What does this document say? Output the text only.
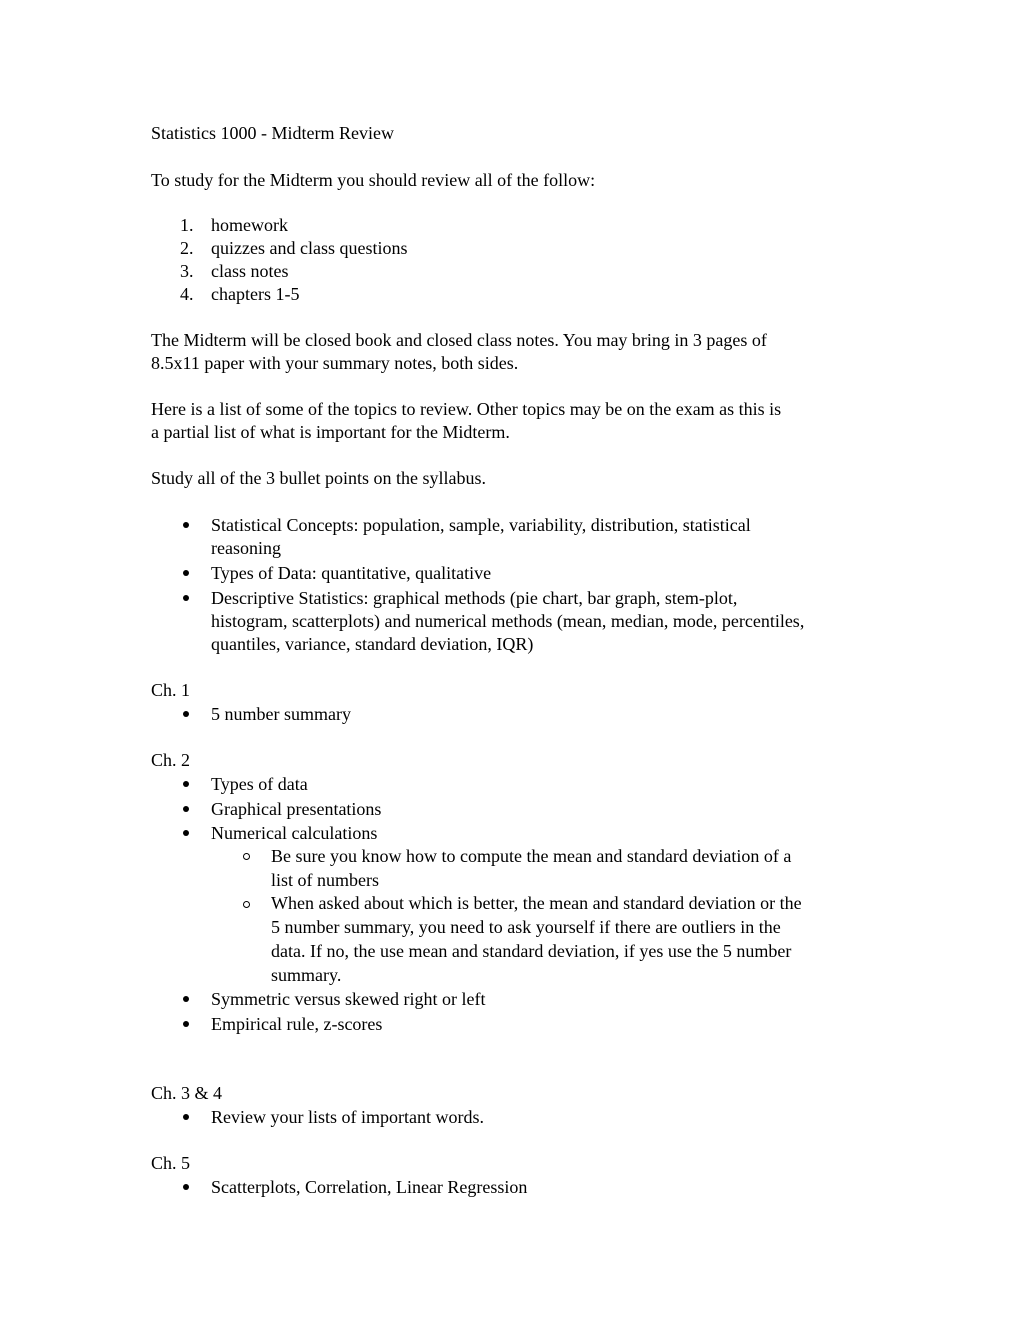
Statistics 1000 - Midterm Review
To study for the Midterm you should review all of the follow:
1. homework
2. quizzes and class questions
3. class notes
4. chapters 1-5
The Midterm will be closed book and closed class notes. You may bring in 3 pages of
8.5x11 paper with your summary notes, both sides.
Here is a list of some of the topics to review. Other topics may be on the exam as this is
a partial list of what is important for the Midterm.
Study all of the 3 bullet points on the syllabus.
Statistical Concepts: population, sample, variability, distribution, statistical
reasoning
Types of Data: quantitative, qualitative
Descriptive Statistics: graphical methods (pie chart, bar graph, stem-plot,
histogram, scatterplots) and numerical methods (mean, median, mode, percentiles,
quantiles, variance, standard deviation, IQR)
Ch. 1
5 number summary
Ch. 2
Types of data
Graphical presentations
Numerical calculations
Be sure you know how to compute the mean and standard deviation of a
list of numbers
When asked about which is better, the mean and standard deviation or the
5 number summary, you need to ask yourself if there are outliers in the
data. If no, the use mean and standard deviation, if yes use the 5 number
summary.
Symmetric versus skewed right or left
Empirical rule, z-scores
Ch. 3 & 4
Review your lists of important words.
Ch. 5
Scatterplots, Correlation, Linear Regression
